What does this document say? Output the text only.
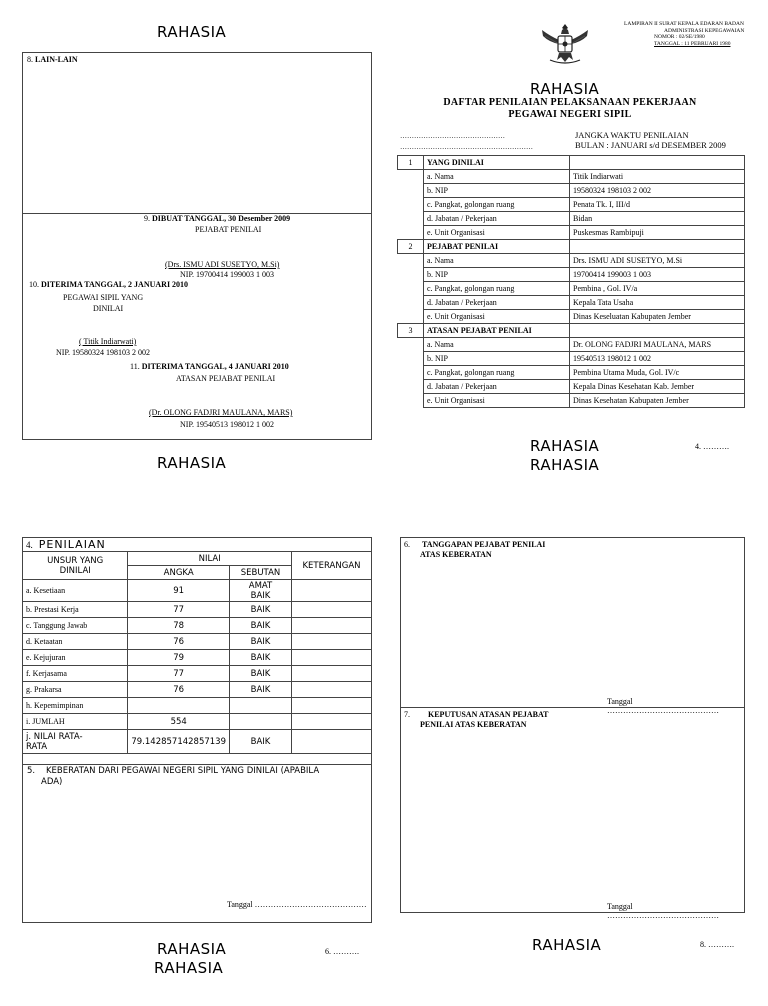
RAHASIA
8. LAIN-LAIN
9. DIBUAT TANGGAL, 30 Desember 2009
PEJABAT PENILAI
(Drs. ISMU ADI SUSETYO, M.Si)
NIP. 19700414 199003 1 003
10. DITERIMA TANGGAL, 2 JANUARI 2010
PEGAWAI SIPIL YANG
DINILAI
( Titik Indiarwati)
NIP. 19580324 198103 2 002
11. DITERIMA TANGGAL, 4 JANUARI 2010
ATASAN PEJABAT PENILAI
(Dr. OLONG FADJRI MAULANA, MARS)
NIP. 19540513 198012 1 002
RAHASIA
LAMPIRAN II SURAT KEPALA EDARAN BADAN
ADMINISTRASI KEPEGAWAIAN
NOMOR : 02/SE/1980
TANGGAL : 11 PEBRUARI 1980
RAHASIA
DAFTAR PENILAIAN PELAKSANAAN PEKERJAAN
PEGAWAI NEGERI SIPIL
………………………………………
…………………………………………………
JANGKA WAKTU PENILAIAN
BULAN : JANUARI s/d DESEMBER 2009
1	YANG DINILAI	
	a. Nama	Titik Indiarwati
	b. NIP	19580324 198103 2 002
	c. Pangkat, golongan ruang	Penata Tk. I, III/d
	d. Jabatan / Pekerjaan	Bidan
	e. Unit Organisasi	Puskesmas Rambipuji
2	PEJABAT PENILAI	
	a. Nama	Drs. ISMU ADI SUSETYO, M.Si
	b. NIP	19700414 199003 1 003
	c. Pangkat, golongan ruang	Pembina , Gol. IV/a
	d. Jabatan / Pekerjaan	Kepala Tata Usaha
	e. Unit Organisasi	Dinas Keseluatan Kabupaten Jember
3	ATASAN PEJABAT PENILAI	
	a. Nama	Dr. OLONG FADJRI MAULANA, MARS
	b. NIP	19540513 198012 1 002
	c. Pangkat, golongan ruang	Pembina Utama Muda, Gol. IV/c
	d. Jabatan / Pekerjaan	Kepala Dinas Kesehatan Kab. Jember
	e. Unit Organisasi	Dinas Kesehatan Kabupaten Jember
RAHASIA
RAHASIA
4. ……….
4.	PENILAIAN			

UNSUR YANG
DINILAI		NILAI		KETERANGAN
		ANGKA	SEBUTAN	
a. Kesetiaan		91	AMAT
BAIK	

b. Prestasi Kerja		77	BAIK	

c. Tanggung Jawab		78	BAIK	

d. Ketaatan		76	BAIK	

e. Kejujuran		79	BAIK	

f. Kerjasama		77	BAIK	

g. Prakarsa		76	BAIK	

h. Kepemimpinan			

i. JUMLAH		554	

j. NILAI RATA-
RATA		79.142857142857139	BAIK	
5. KEBERATAN DARI PEGAWAI NEGERI SIPIL YANG DINILAI (APABILA
ADA)
Tanggal ……………………………………
RAHASIA
RAHASIA
6. ……….
6. TANGGAPAN PEJABAT PENILAI
ATAS KEBERATAN
Tanggal ……………………………………
7. KEPUTUSAN ATASAN PEJABAT
PENILAI ATAS KEBERATAN
Tanggal ……………………………………
RAHASIA	8. ……….
